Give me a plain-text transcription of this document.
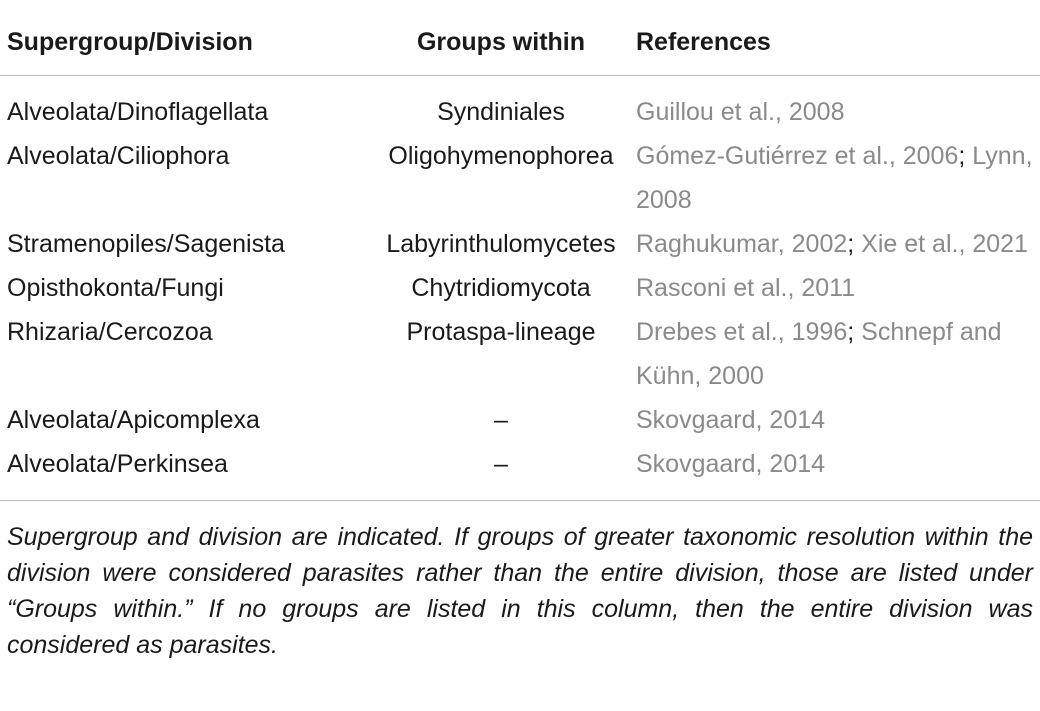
Supergroup/Division	Groups within	References
Alveolata/Dinoflagellata	Syndiniales	Guillou et al., 2008
Alveolata/Ciliophora	Oligohymenophorea	Gómez-Gutiérrez et al., 2006; Lynn, 2008
Stramenopiles/Sagenista	Labyrinthulomycetes	Raghukumar, 2002; Xie et al., 2021
Opisthokonta/Fungi	Chytridiomycota	Rasconi et al., 2011
Rhizaria/Cercozoa	Protaspa-lineage	Drebes et al., 1996; Schnepf and Kühn, 2000
Alveolata/Apicomplexa	–	Skovgaard, 2014
Alveolata/Perkinsea	–	Skovgaard, 2014
Supergroup and division are indicated. If groups of greater taxonomic resolution within the division were considered parasites rather than the entire division, those are listed under “Groups within.” If no groups are listed in this column, then the entire division was considered as parasites.
